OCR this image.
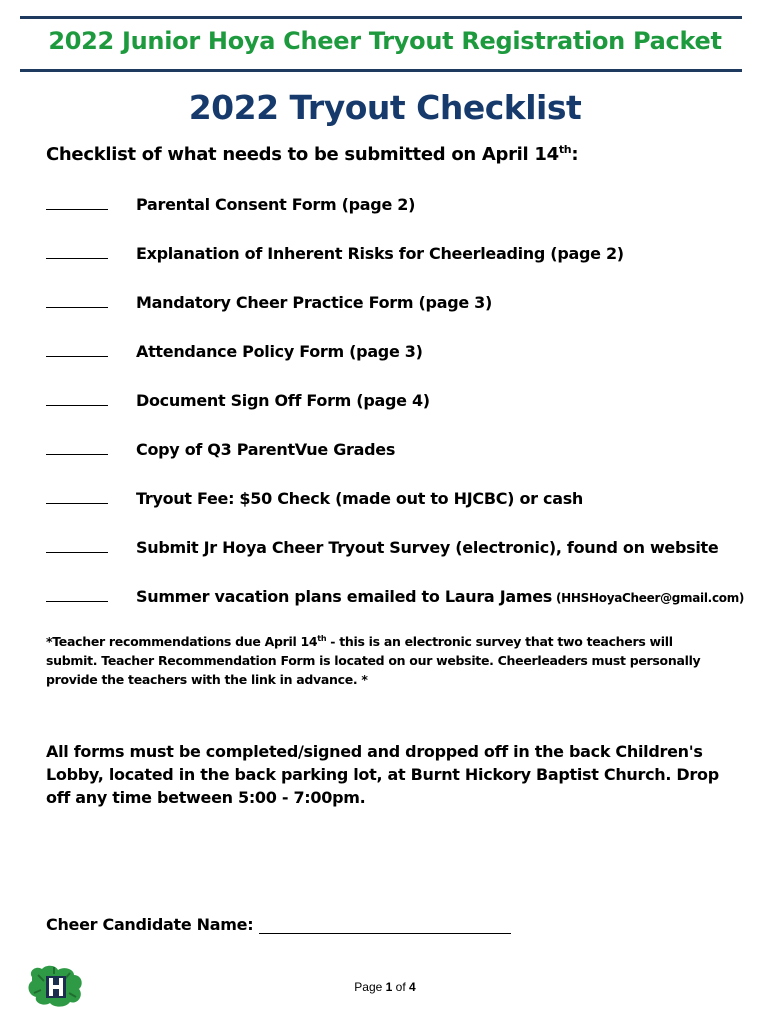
2022 Junior Hoya Cheer Tryout Registration Packet
2022 Tryout Checklist
Checklist of what needs to be submitted on April 14th:
Parental Consent Form (page 2)
Explanation of Inherent Risks for Cheerleading (page 2)
Mandatory Cheer Practice Form (page 3)
Attendance Policy Form (page 3)
Document Sign Off Form (page 4)
Copy of Q3 ParentVue Grades
Tryout Fee: $50 Check (made out to HJCBC) or cash
Submit Jr Hoya Cheer Tryout Survey (electronic), found on website
Summer vacation plans emailed to Laura James (HHSHoyaCheer@gmail.com)
*Teacher recommendations due April 14th - this is an electronic survey that two teachers will submit. Teacher Recommendation Form is located on our website. Cheerleaders must personally provide the teachers with the link in advance. *
All forms must be completed/signed and dropped off in the back Children's Lobby, located in the back parking lot, at Burnt Hickory Baptist Church. Drop off any time between 5:00 - 7:00pm.
Cheer Candidate Name:
Page 1 of 4
